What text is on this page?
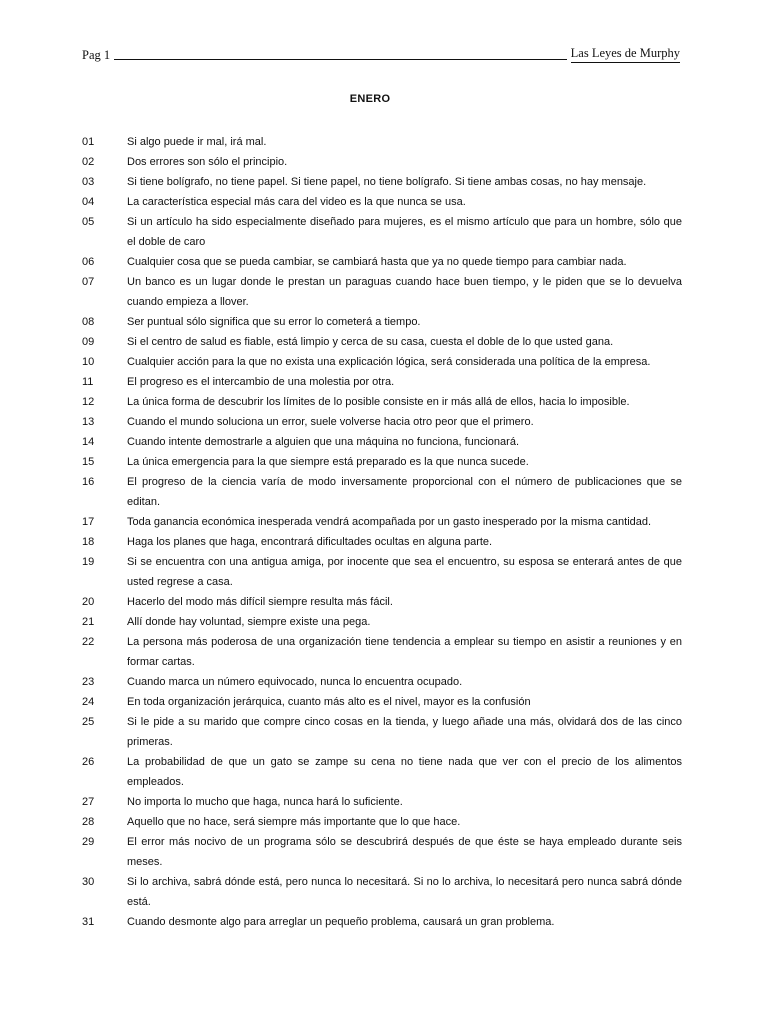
Pag 1	Las Leyes de Murphy
ENERO
01	Si algo puede ir mal, irá mal.
02	Dos errores son sólo el principio.
03	Si tiene bolígrafo, no tiene papel. Si tiene papel, no tiene bolígrafo. Si tiene ambas cosas, no hay mensaje.
04	La característica especial más cara del video es la que nunca se usa.
05	Si un artículo ha sido especialmente diseñado para mujeres, es el mismo artículo que para un hombre, sólo que el doble de caro
06	Cualquier cosa que se pueda cambiar, se cambiará hasta que ya no quede tiempo para cambiar nada.
07	Un banco es un lugar donde le prestan un paraguas cuando hace buen tiempo, y le piden que se lo devuelva cuando empieza a llover.
08	Ser puntual sólo significa que su error lo cometerá a tiempo.
09	Si el centro de salud es fiable, está limpio y cerca de su casa, cuesta el doble de lo que usted gana.
10	Cualquier acción para la que no exista una explicación lógica, será considerada una política de la empresa.
11	El progreso es el intercambio de una molestia por otra.
12	La única forma de descubrir los límites de lo posible consiste en ir más allá de ellos, hacia lo imposible.
13	Cuando el mundo soluciona un error, suele volverse hacia otro peor que el primero.
14	Cuando intente demostrarle a alguien que una máquina no funciona, funcionará.
15	La única emergencia para la que siempre está preparado es la que nunca sucede.
16	El progreso de la ciencia varía de modo inversamente proporcional con el número de publicaciones que se editan.
17	Toda ganancia económica inesperada vendrá acompañada por un gasto inesperado por la misma cantidad.
18	Haga los planes que haga, encontrará dificultades ocultas en alguna parte.
19	Si se encuentra con una antigua amiga, por inocente que sea el encuentro, su esposa se enterará antes de que usted regrese a casa.
20	Hacerlo del modo más difícil siempre resulta más fácil.
21	Allí donde hay voluntad, siempre existe una pega.
22	La persona más poderosa de una organización tiene tendencia a emplear su tiempo en asistir a reuniones y en formar cartas.
23	Cuando marca un número equivocado, nunca lo encuentra ocupado.
24	En toda organización jerárquica, cuanto más alto es el nivel, mayor es la confusión
25	Si le pide a su marido que compre cinco cosas en la tienda, y luego añade una más, olvidará dos de las cinco primeras.
26	La probabilidad de que un gato se zampe su cena no tiene nada que ver con el precio de los alimentos empleados.
27	No importa lo mucho que haga, nunca hará lo suficiente.
28	Aquello que no hace, será siempre más importante que lo que hace.
29	El error más nocivo de un programa sólo se descubrirá después de que éste se haya empleado durante seis meses.
30	Si lo archiva, sabrá dónde está, pero nunca lo necesitará. Si no lo archiva, lo necesitará pero nunca sabrá dónde está.
31	Cuando desmonte algo para arreglar un pequeño problema, causará un gran problema.
